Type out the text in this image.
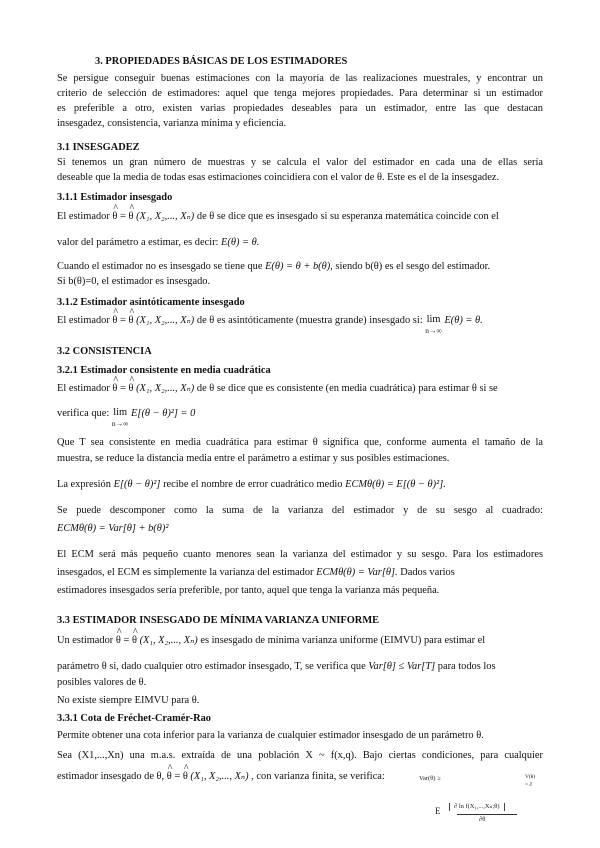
3. PROPIEDADES BÁSICAS DE LOS ESTIMADORES
Se persigue conseguir buenas estimaciones con la mayoría de las realizaciones muestrales, y encontrar un
criterio de selección de estimadores: aquel que tenga mejores propiedades. Para determinar si un estimador
es preferible a otro, existen varias propiedades deseables para un estimador, entre las que destacan
insesgadez, consistencia, varianza mínima y eficiencia.
3.1 INSESGADEZ
Si tenemos un gran número de muestras y se calcula el valor del estimador en cada una de ellas sería
deseable que la media de todas esas estimaciones coincidiera con el valor de θ. Este es el de la insesgadez.
3.1.1 Estimador insesgado
El estimador ^ θ = ^ θ (X₁, X₂,..., Xₙ) de θ se dice que es insesgado si su esperanza matemática coincide con el
valor del parámetro a estimar, es decir: E(θ) = θ.
Cuando el estimador no es insesgado se tiene que E(θ) = θ + b(θ), siendo b(θ) es el sesgo del estimador.
Si b(θ)=0, el estimador es insesgado.
3.1.2 Estimador asintóticamente insesgado
El estimador ^ θ = ^ θ (X₁, X₂,..., Xₙ) de θ es asintóticamente (muestra grande) insesgado si: lim
n→∞
E(θ) = θ.
3.2 CONSISTENCIA
3.2.1 Estimador consistente en media cuadrática
El estimador ^ θ = ^ θ (X₁, X₂,..., Xₙ) de θ se dice que es consistente (en media cuadrática) para estimar θ si se
verifica que: lim
n→∞
E[(θ − θ)²] = 0
Que T sea consistente en media cuadrática para estimar θ significa que, conforme aumenta el tamaño de la
muestra, se reduce la distancia media entre el parámetro a estimar y sus posibles estimaciones.
La expresión E[(θ − θ)²] recibe el nombre de error cuadrático medio ECMθ(θ) = E[(θ − θ)²].
Se puede descomponer como la suma de la varianza del estimador y de su sesgo al cuadrado:
ECMθ(θ) = Var[θ] + b(θ)²
El ECM será más pequeño cuanto menores sean la varianza del estimador y su sesgo. Para los estimadores
insesgados, el ECM es simplemente la varianza del estimador ECMθ(θ) = Var[θ]. Dados varios
estimadores insesgados sería preferible, por tanto, aquel que tenga la varianza más pequeña.
3.3 ESTIMADOR INSESGADO DE MÍNIMA VARIANZA UNIFORME
Un estimador ^ θ = ^ θ (X₁, X₂,..., Xₙ) es insesgado de mínima varianza uniforme (EIMVU) para estimar el
parámetro θ si, dado cualquier otro estimador insesgado, T, se verifica que Var[θ] ≤ Var[T] para todos los
posibles valores de θ.
No existe siempre EIMVU para θ.
3.3.1 Cota de Fréchet-Cramér-Rao
Permite obtener una cota inferior para la varianza de cualquier estimador insesgado de un parámetro θ.
Sea (X1,...,Xn) una m.a.s. extraída de una población X ~ f(x,q). Bajo ciertas condiciones, para cualquier
estimador insesgado de θ, ^ θ = ^ θ (X₁, X₂,..., Xₙ) , con varianza finita, se verifica:	Var(θ) ≥
E	∂ ln f(X₁,...,Xₙ;θ)
∂θ
V(θ) = ∂
